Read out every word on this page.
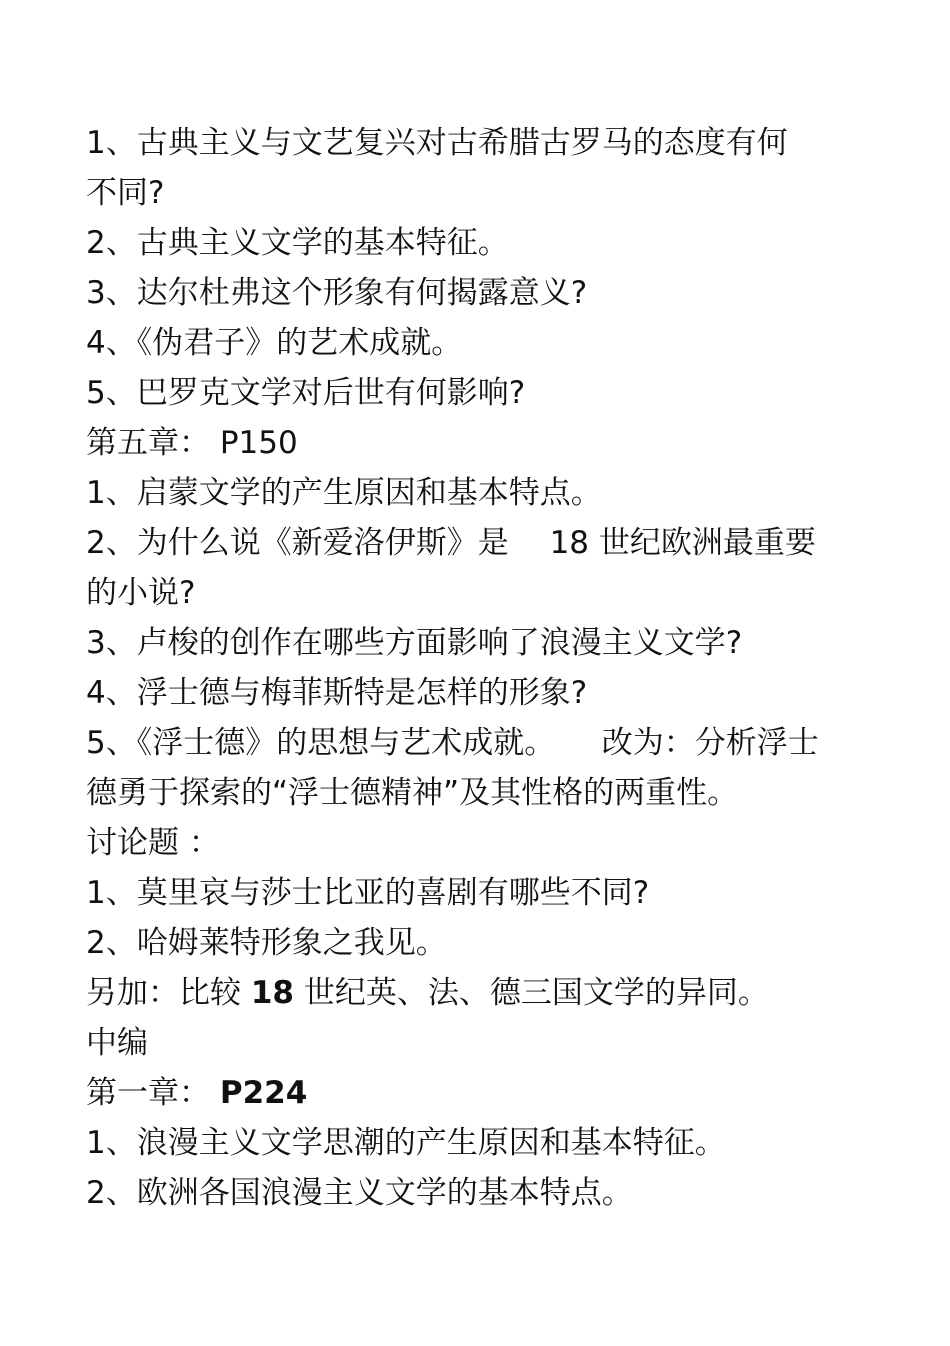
1、古典主义与文艺复兴对古希腊古罗马的态度有何
不同?
2、古典主义文学的基本特征。
3、达尔杜弗这个形象有何揭露意义?
4、《伪君子》的艺术成就。
5、巴罗克文学对后世有何影响?
第五章： P150
1、启蒙文学的产生原因和基本特点。
2、为什么说《新爱洛伊斯》是　 18 世纪欧洲最重要
的小说?
3、卢梭的创作在哪些方面影响了浪漫主义文学?
4、浮士德与梅菲斯特是怎样的形象?
5、《浮士德》的思想与艺术成就。　　改为：分析浮士
德勇于探索的“浮士德精神”及其性格的两重性。
讨论题 ：
1、莫里哀与莎士比亚的喜剧有哪些不同?
2、哈姆莱特形象之我见。
另加：比较 18 世纪英、法、德三国文学的异同。
中编
第一章： P224
1、浪漫主义文学思潮的产生原因和基本特征。
2、欧洲各国浪漫主义文学的基本特点。
